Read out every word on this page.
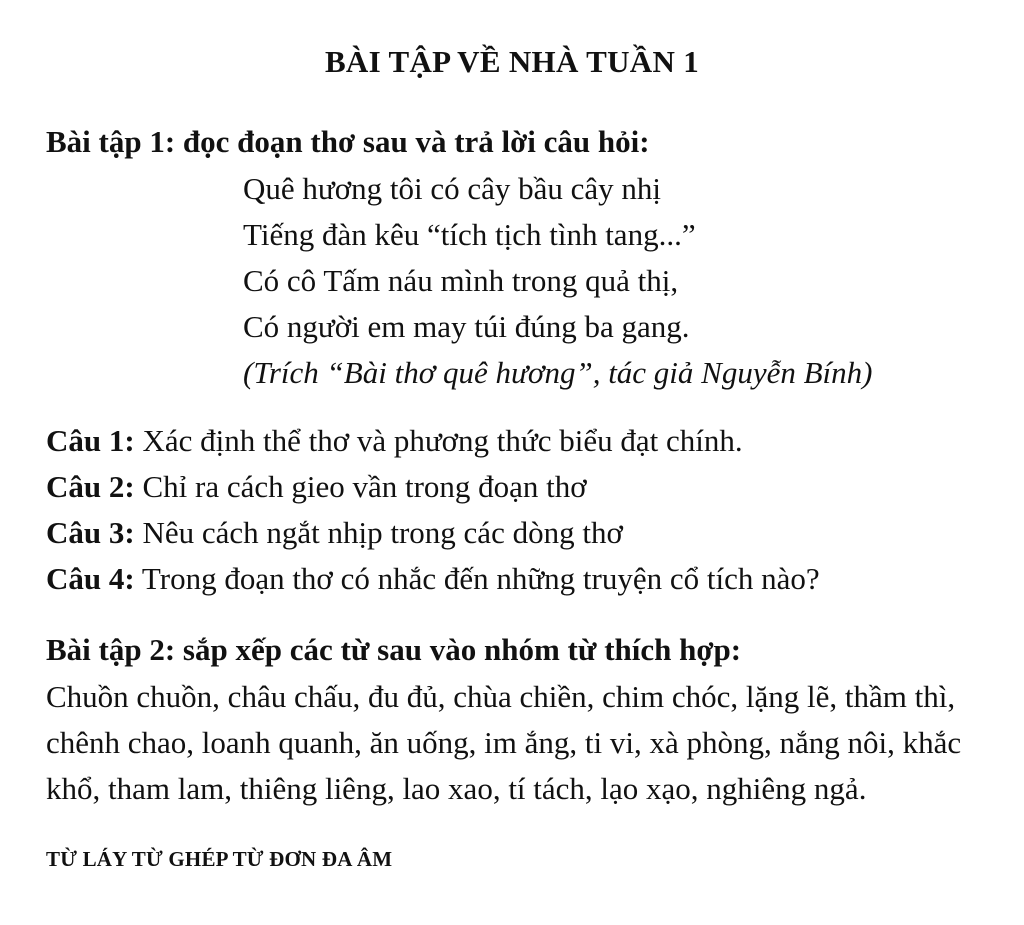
BÀI TẬP VỀ NHÀ TUẦN 1
Bài tập 1: đọc đoạn thơ sau và trả lời câu hỏi:
Quê hương tôi có cây bầu cây nhị
Tiếng đàn kêu “tích tịch tình tang...”
Có cô Tấm náu mình trong quả thị,
Có người em may túi đúng ba gang.
(Trích “Bài thơ quê hương”, tác giả Nguyễn Bính)
Câu 1: Xác định thể thơ và phương thức biểu đạt chính.
Câu 2: Chỉ ra cách gieo vần trong đoạn thơ
Câu 3: Nêu cách ngắt nhịp trong các dòng thơ
Câu 4: Trong đoạn thơ có nhắc đến những truyện cổ tích nào?
Bài tập 2: sắp xếp các từ sau vào nhóm từ thích hợp:
Chuồn chuồn, châu chấu, đu đủ, chùa chiền, chim chóc, lặng lẽ, thầm thì, chênh chao, loanh quanh, ăn uống, im ắng, ti vi, xà phòng, nắng nôi, khắc khổ, tham lam, thiêng liêng, lao xao, tí tách, lạo xạo, nghiêng ngả.
TỪ LÁY TỪ GHÉP TỪ ĐƠN ĐA ÂM
